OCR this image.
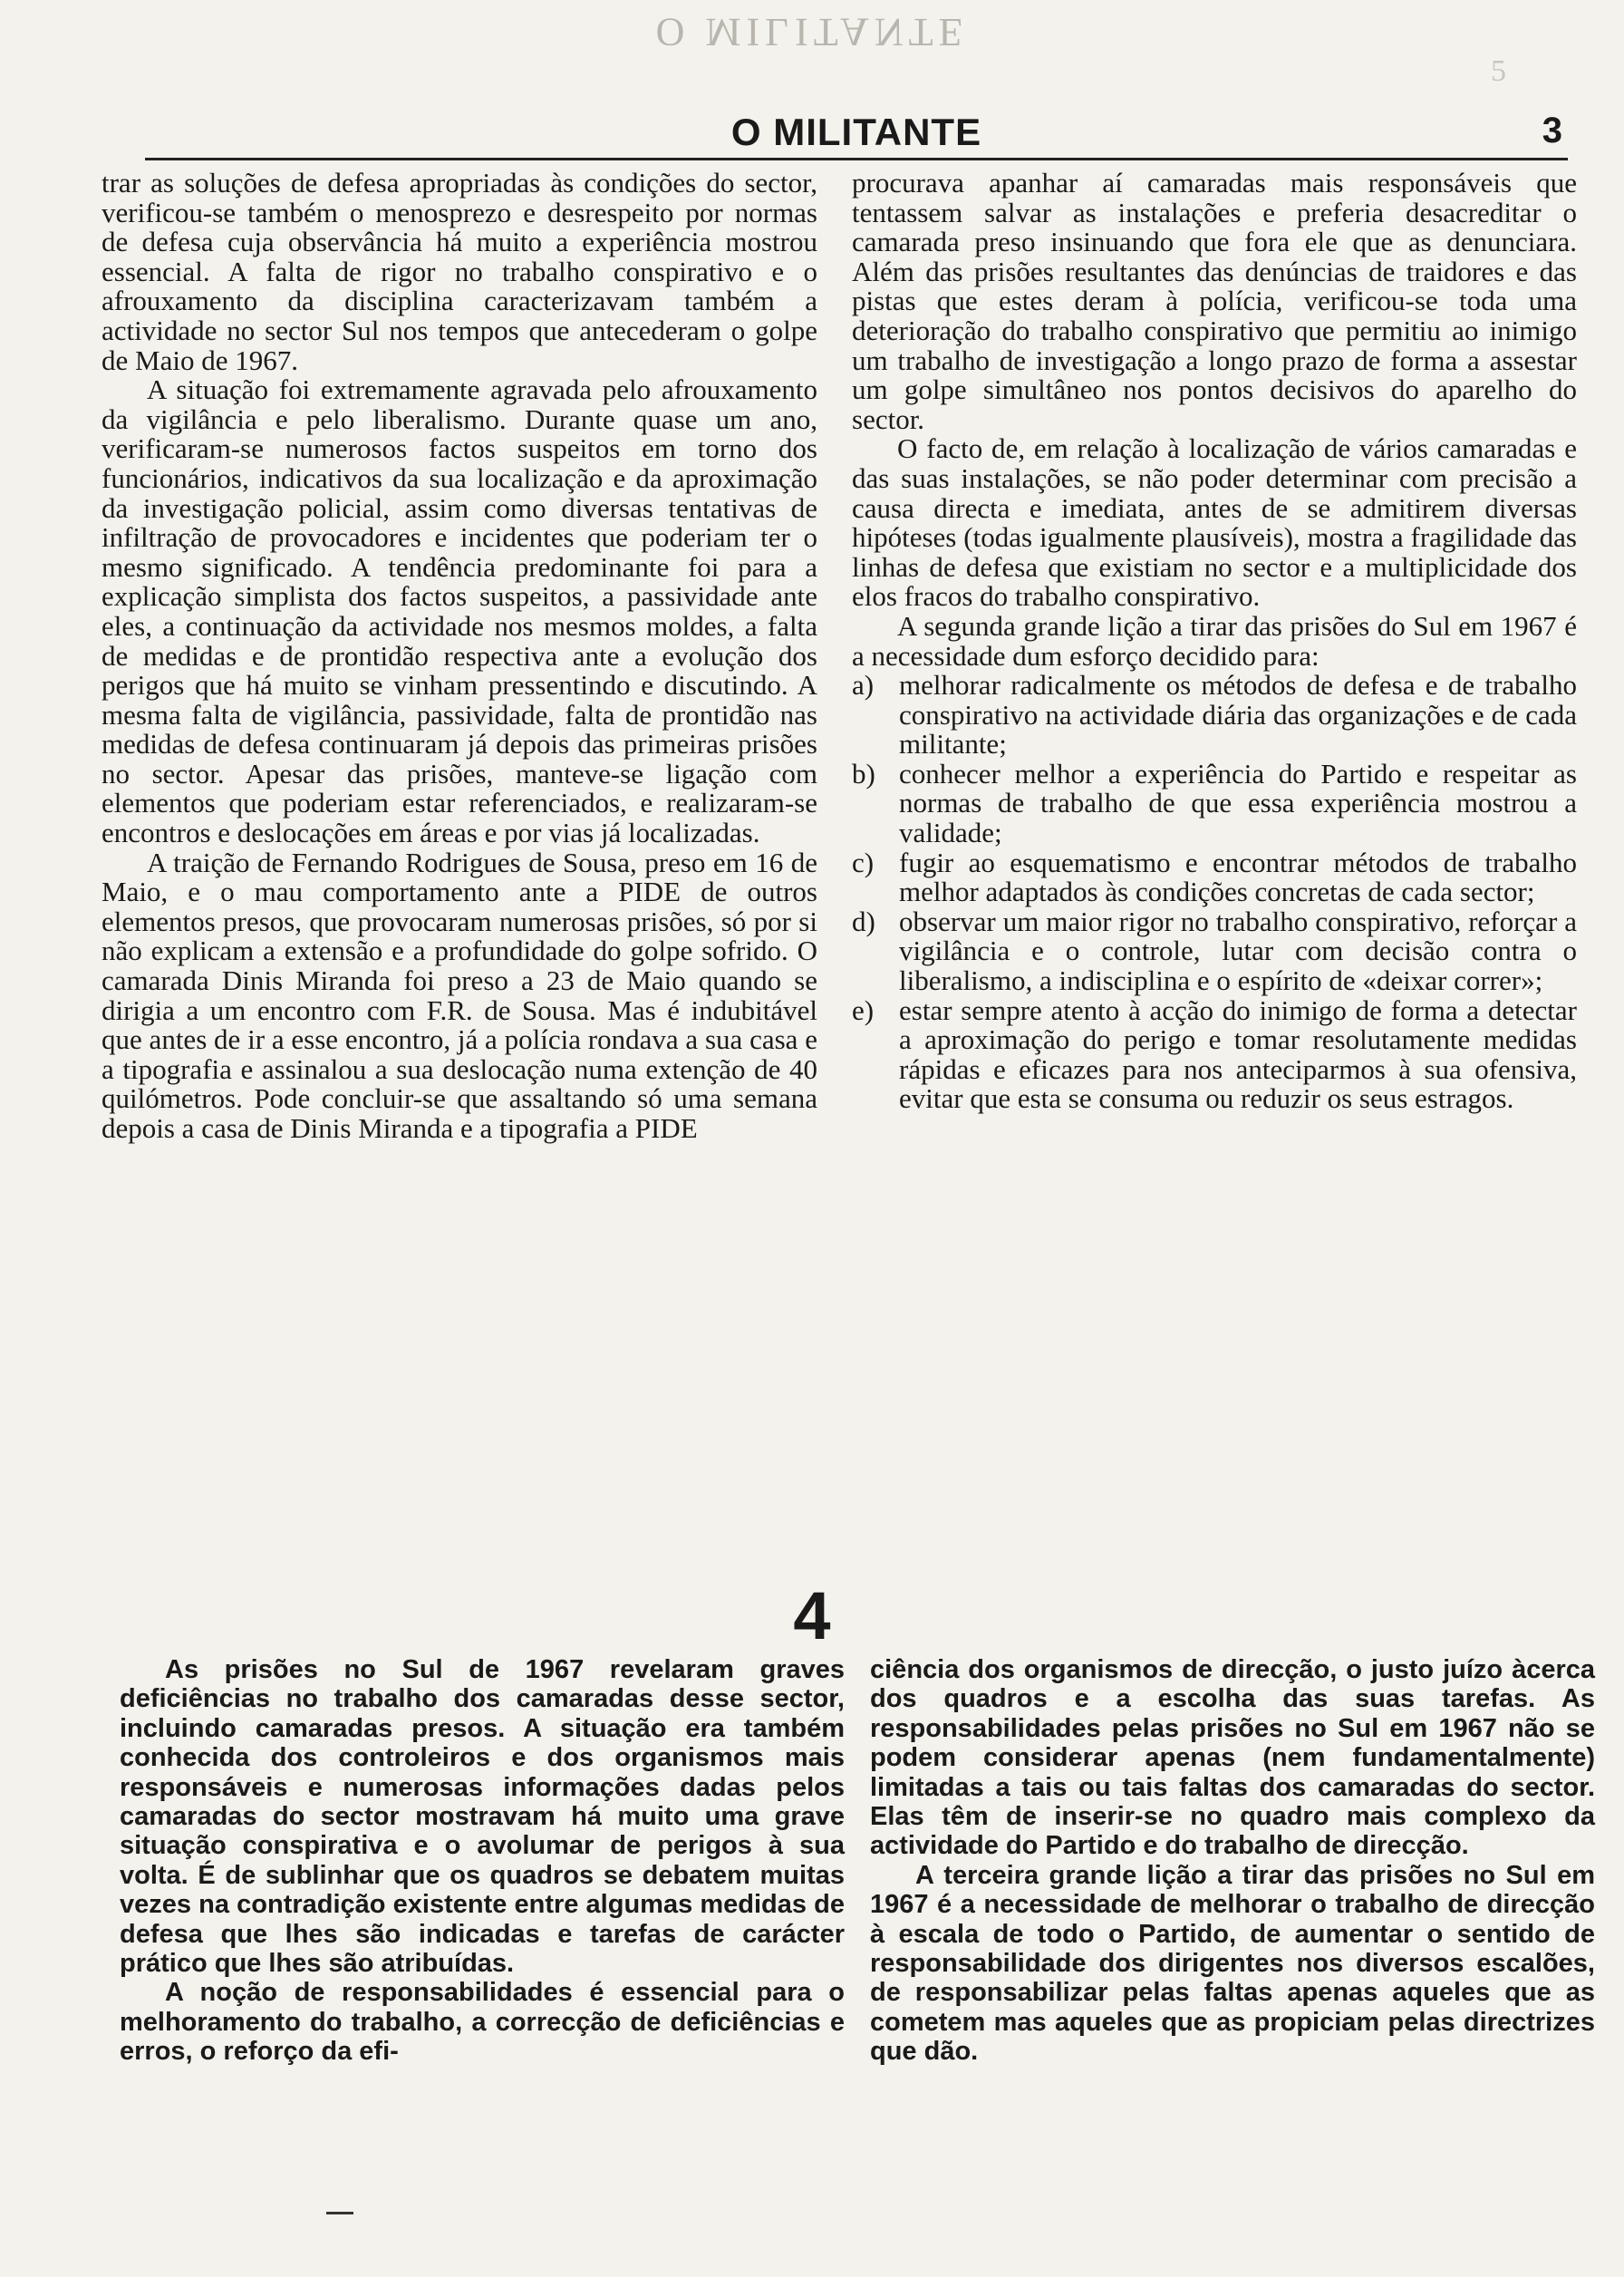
O MILITANTE
5
O MILITANTE	3

trar as soluções de defesa apropriadas às condições do sector, verificou-se também o menosprezo e desrespeito por normas de defesa cuja observância há muito a experiência mostrou essencial. A falta de rigor no trabalho conspirativo e o afrouxamento da disciplina caracterizavam também a actividade no sector Sul nos tempos que antecederam o golpe de Maio de 1967.

A situação foi extremamente agravada pelo afrouxamento da vigilância e pelo liberalismo. Durante quase um ano, verificaram-se numerosos factos suspeitos em torno dos funcionários, indicativos da sua localização e da aproximação da investigação policial, assim como diversas tentativas de infiltração de provocadores e incidentes que poderiam ter o mesmo significado. A tendência predominante foi para a explicação simplista dos factos suspeitos, a passividade ante eles, a continuação da actividade nos mesmos moldes, a falta de medidas e de prontidão respectiva ante a evolução dos perigos que há muito se vinham pressentindo e discutindo. A mesma falta de vigilância, passividade, falta de prontidão nas medidas de defesa continuaram já depois das primeiras prisões no sector. Apesar das prisões, manteve-se ligação com elementos que poderiam estar referenciados, e realizaram-se encontros e deslocações em áreas e por vias já localizadas.

A traição de Fernando Rodrigues de Sousa, preso em 16 de Maio, e o mau comportamento ante a PIDE de outros elementos presos, que provocaram numerosas prisões, só por si não explicam a extensão e a profundidade do golpe sofrido. O camarada Dinis Miranda foi preso a 23 de Maio quando se dirigia a um encontro com F.R. de Sousa. Mas é indubitável que antes de ir a esse encontro, já a polícia rondava a sua casa e a tipografia e assinalou a sua deslocação numa extenção de 40 quilómetros. Pode concluir-se que assaltando só uma semana depois a casa de Dinis Miranda e a tipografia a PIDE

procurava apanhar aí camaradas mais responsáveis que tentassem salvar as instalações e preferia desacreditar o camarada preso insinuando que fora ele que as denunciara. Além das prisões resultantes das denúncias de traidores e das pistas que estes deram à polícia, verificou-se toda uma deterioração do trabalho conspirativo que permitiu ao inimigo um trabalho de investigação a longo prazo de forma a assestar um golpe simultâneo nos pontos decisivos do aparelho do sector.

O facto de, em relação à localização de vários camaradas e das suas instalações, se não poder determinar com precisão a causa directa e imediata, antes de se admitirem diversas hipóteses (todas igualmente plausíveis), mostra a fragilidade das linhas de defesa que existiam no sector e a multiplicidade dos elos fracos do trabalho conspirativo.

A segunda grande lição a tirar das prisões do Sul em 1967 é a necessidade dum esforço decidido para:

a) melhorar radicalmente os métodos de defesa e de trabalho conspirativo na actividade diária das organizações e de cada militante;
b) conhecer melhor a experiência do Partido e respeitar as normas de trabalho de que essa experiência mostrou a validade;
c) fugir ao esquematismo e encontrar métodos de trabalho melhor adaptados às condições concretas de cada sector;
d) observar um maior rigor no trabalho conspirativo, reforçar a vigilância e o controle, lutar com decisão contra o liberalismo, a indisciplina e o espírito de «deixar correr»;
e) estar sempre atento à acção do inimigo de forma a detectar a aproximação do perigo e tomar resolutamente medidas rápidas e eficazes para nos anteciparmos à sua ofensiva, evitar que esta se consuma ou reduzir os seus estragos.
4

As prisões no Sul de 1967 revelaram graves deficiências no trabalho dos camaradas desse sector, incluindo camaradas presos. A situação era também conhecida dos controleiros e dos organismos mais responsáveis e numerosas informações dadas pelos camaradas do sector mostravam há muito uma grave situação conspirativa e o avolumar de perigos à sua volta. É de sublinhar que os quadros se debatem muitas vezes na contradição existente entre algumas medidas de defesa que lhes são indicadas e tarefas de carácter prático que lhes são atribuídas.

A noção de responsabilidades é essencial para o melhoramento do trabalho, a correcção de deficiências e erros, o reforço da efi-

ciência dos organismos de direcção, o justo juízo àcerca dos quadros e a escolha das suas tarefas. As responsabilidades pelas prisões no Sul em 1967 não se podem considerar apenas (nem fundamentalmente) limitadas a tais ou tais faltas dos camaradas do sector. Elas têm de inserir-se no quadro mais complexo da actividade do Partido e do trabalho de direcção.

A terceira grande lição a tirar das prisões no Sul em 1967 é a necessidade de melhorar o trabalho de direcção à escala de todo o Partido, de aumentar o sentido de responsabilidade dos dirigentes nos diversos escalões, de responsabilizar pelas faltas apenas aqueles que as cometem mas aqueles que as propiciam pelas directrizes que dão.
